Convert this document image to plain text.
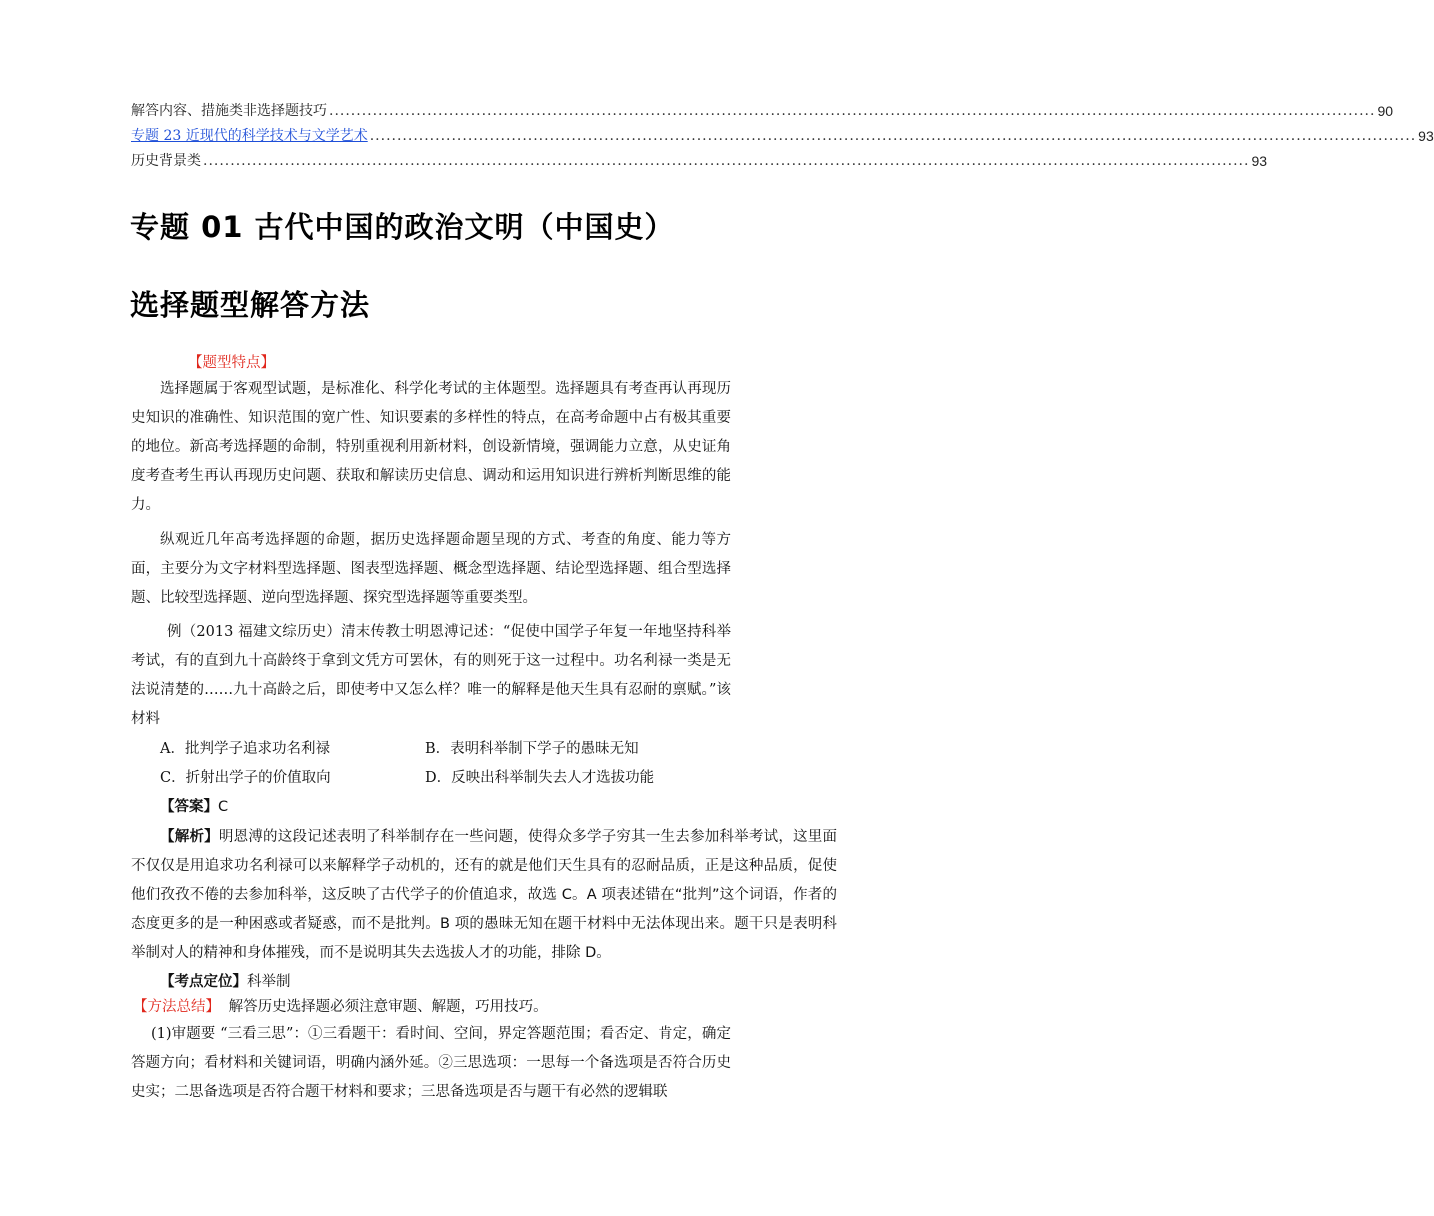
解答内容、措施类非选择题技巧 ................................................................................................................................................................................................ 90
专题 23 近现代的科学技术与文学艺术 ................................................................................................................................................................................................ 93
历史背景类 ................................................................................................................................................................................................ 93
专题 01 古代中国的政治文明（中国史）
选择题型解答方法
【题型特点】
选择题属于客观型试题，是标准化、科学化考试的主体题型。选择题具有考查再认再现历史知识的准确性、知识范围的宽广性、知识要素的多样性的特点，在高考命题中占有极其重要的地位。新高考选择题的命制，特别重视利用新材料，创设新情境，强调能力立意，从史证角度考查考生再认再现历史问题、获取和解读历史信息、调动和运用知识进行辨析判断思维的能力。
纵观近几年高考选择题的命题，据历史选择题命题呈现的方式、考查的角度、能力等方面，主要分为文字材料型选择题、图表型选择题、概念型选择题、结论型选择题、组合型选择题、比较型选择题、逆向型选择题、探究型选择题等重要类型。
例（2013 福建文综历史）清末传教士明恩溥记述：“促使中国学子年复一年地坚持科举考试，有的直到九十高龄终于拿到文凭方可罢休，有的则死于这一过程中。功名利禄一类是无法说清楚的……九十高龄之后，即使考中又怎么样？唯一的解释是他天生具有忍耐的禀赋。”该材料
A．批判学子追求功名利禄	B．表明科举制下学子的愚昧无知
C．折射出学子的价值取向	D．反映出科举制失去人才选拔功能
【答案】C
【解析】明恩溥的这段记述表明了科举制存在一些问题，使得众多学子穷其一生去参加科举考试，这里面不仅仅是用追求功名利禄可以来解释学子动机的，还有的就是他们天生具有的忍耐品质，正是这种品质，促使他们孜孜不倦的去参加科举，这反映了古代学子的价值追求，故选 C。A 项表述错在“批判”这个词语，作者的态度更多的是一种困惑或者疑惑，而不是批判。B 项的愚昧无知在题干材料中无法体现出来。题干只是表明科举制对人的精神和身体摧残，而不是说明其失去选拔人才的功能，排除 D。
【考点定位】科举制
【方法总结】 解答历史选择题必须注意审题、解题，巧用技巧。
(1)审题要 “三看三思”：①三看题干：看时间、空间，界定答题范围；看否定、肯定，确定答题方向；看材料和关键词语，明确内涵外延。②三思选项：一思每一个备选项是否符合历史史实；二思备选项是否符合题干材料和要求；三思备选项是否与题干有必然的逻辑联
